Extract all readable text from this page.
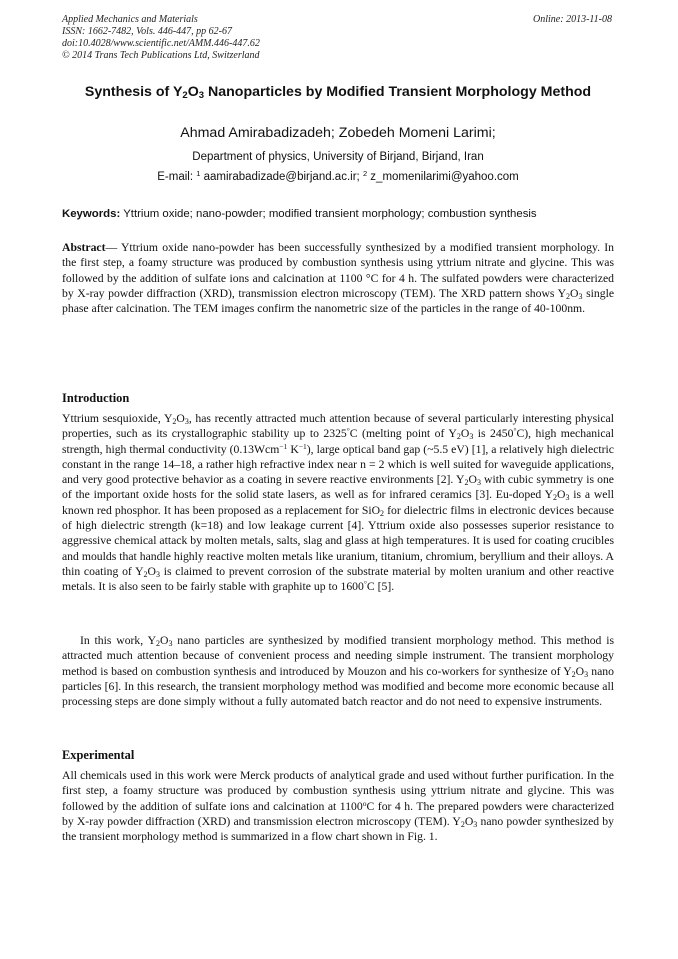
Applied Mechanics and Materials
ISSN: 1662-7482, Vols. 446-447, pp 62-67
doi:10.4028/www.scientific.net/AMM.446-447.62
© 2014 Trans Tech Publications Ltd, Switzerland
Online: 2013-11-08
Synthesis of $Y_2O_3$ Nanoparticles by Modified Transient Morphology Method
Ahmad Amirabadizadeh; Zobedeh Momeni Larimi;
Department of physics, University of Birjand, Birjand, Iran
E-mail: $^1$ aamirabadizade@birjand.ac.ir; $^2$ z_momenilarimi@yahoo.com
Keywords: Yttrium oxide; nano-powder; modified transient morphology; combustion synthesis
Abstract— Yttrium oxide nano-powder has been successfully synthesized by a modified transient morphology. In the first step, a foamy structure was produced by combustion synthesis using yttrium nitrate and glycine. This was followed by the addition of sulfate ions and calcination at 1100 °C for 4 h. The sulfated powders were characterized by X-ray powder diffraction (XRD), transmission electron microscopy (TEM). The XRD pattern shows $Y_2O_3$ single phase after calcination. The TEM images confirm the nanometric size of the particles in the range of 40-100nm.
Introduction
Yttrium sesquioxide, $Y_2O_3$, has recently attracted much attention because of several particularly interesting physical properties, such as its crystallographic stability up to 2325°C (melting point of $Y_2O_3$ is 2450°C), high mechanical strength, high thermal conductivity (0.13Wcm$^{-1}$ $K^{-1}$), large optical band gap (~5.5 eV) [1], a relatively high dielectric constant in the range 14–18, a rather high refractive index near n = 2 which is well suited for waveguide applications, and very good protective behavior as a coating in severe reactive environments [2]. $Y_2O_3$ with cubic symmetry is one of the important oxide hosts for the solid state lasers, as well as for infrared ceramics [3]. Eu-doped $Y_2O_3$ is a well known red phosphor. It has been proposed as a replacement for SiO$_2$ for dielectric films in electronic devices because of high dielectric strength (k=18) and low leakage current [4]. Yttrium oxide also possesses superior resistance to aggressive chemical attack by molten metals, salts, slag and glass at high temperatures. It is used for coating crucibles and moulds that handle highly reactive molten metals like uranium, titanium, chromium, beryllium and their alloys. A thin coating of $Y_2O_3$ is claimed to prevent corrosion of the substrate material by molten uranium and other reactive metals. It is also seen to be fairly stable with graphite up to 1600°C [5].
In this work, $Y_2O_3$ nano particles are synthesized by modified transient morphology method. This method is attracted much attention because of convenient process and needing simple instrument. The transient morphology method is based on combustion synthesis and introduced by Mouzon and his co-workers for synthesize of $Y_2O_3$ nano particles [6]. In this research, the transient morphology method was modified and become more economic because all processing steps are done simply without a fully automated batch reactor and do not need to expensive instruments.
Experimental
All chemicals used in this work were Merck products of analytical grade and used without further purification. In the first step, a foamy structure was produced by combustion synthesis using yttrium nitrate and glycine. This was followed by the addition of sulfate ions and calcination at 1100$^o$C for 4 h. The prepared powders were characterized by X-ray powder diffraction (XRD) and transmission electron microscopy (TEM). $Y_2O_3$ nano powder synthesized by the transient morphology method is summarized in a flow chart shown in Fig. 1.
